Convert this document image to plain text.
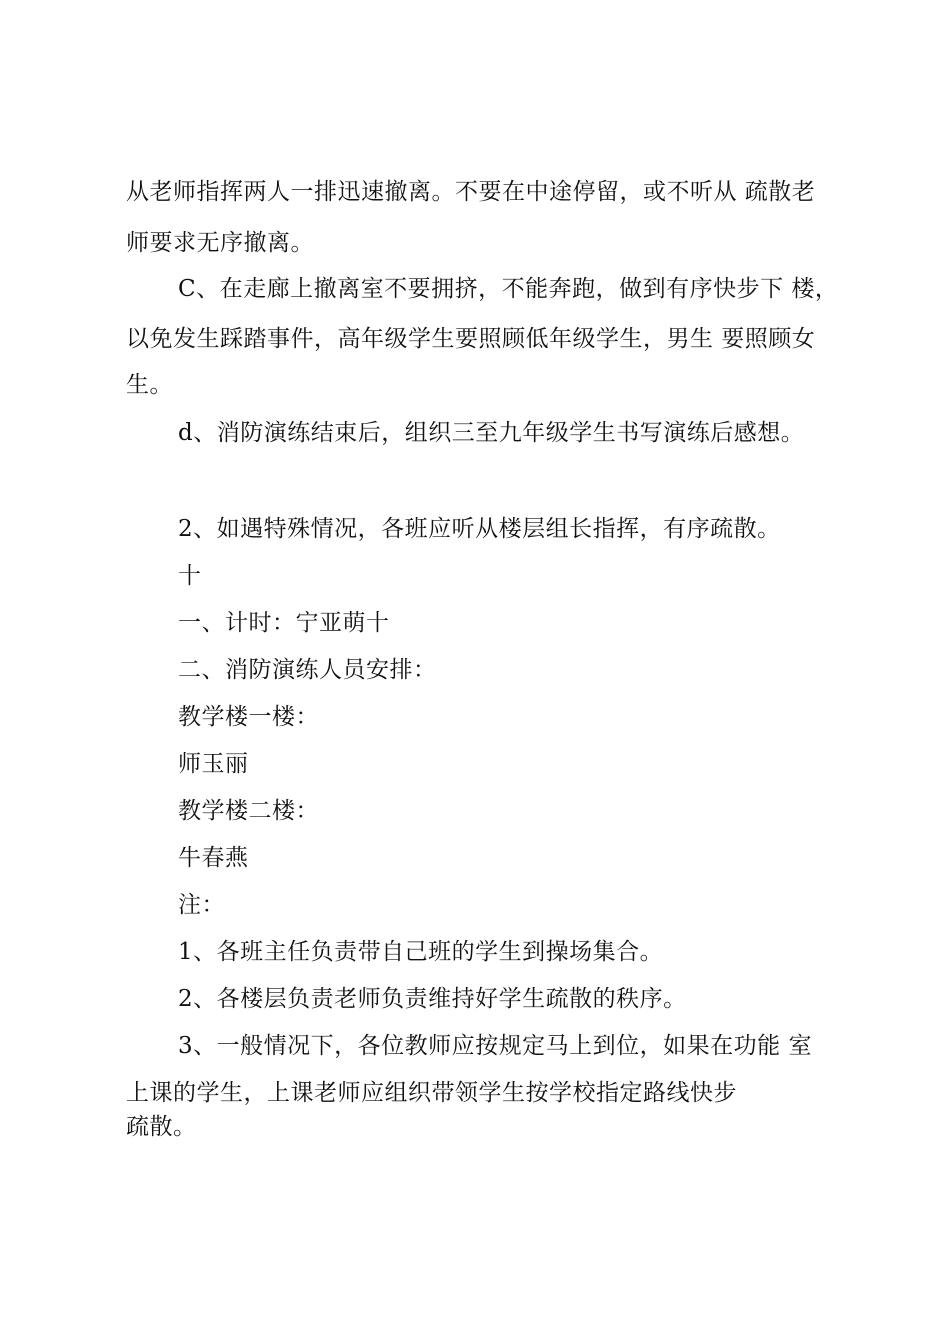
从老师指挥两人一排迅速撤离。不要在中途停留，或不听从 疏散老
师要求无序撤离。
C、在走廊上撤离室不要拥挤，不能奔跑，做到有序快步下 楼，
以免发生踩踏事件，高年级学生要照顾低年级学生，男生 要照顾女
生。
d、消防演练结束后，组织三至九年级学生书写演练后感想。
2、如遇特殊情况，各班应听从楼层组长指挥，有序疏散。
十
一、计时：宁亚萌十
二、消防演练人员安排：
教学楼一楼：
师玉丽
教学楼二楼：
牛春燕
注：
1、各班主任负责带自己班的学生到操场集合。
2、各楼层负责老师负责维持好学生疏散的秩序。
3、一般情况下，各位教师应按规定马上到位，如果在功能 室
上课的学生，上课老师应组织带领学生按学校指定路线快步
疏散。
